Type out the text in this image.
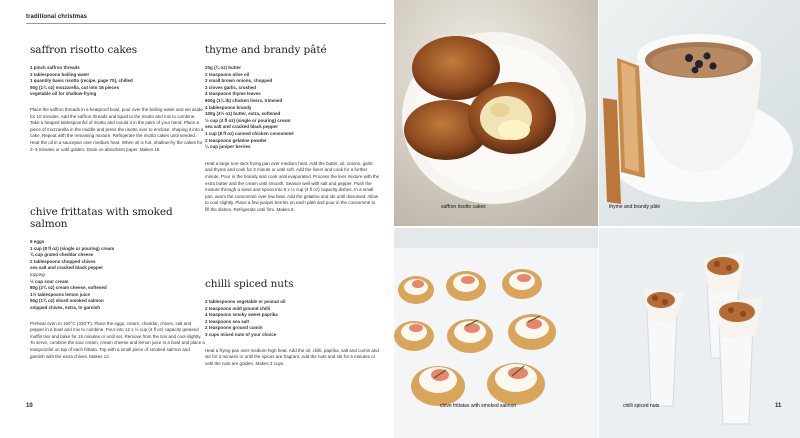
traditional christmas
saffron risotto cakes
1 pinch saffron threads
2 tablespoons boiling water
1 quantity basic risotto (recipe, page 70), chilled
50g (1¾ oz) mozzarella, cut into 16 pieces
vegetable oil for shallow-frying

Place the saffron threads in a heatproof bowl, pour over the boiling water and set aside for 10 minutes. Add the saffron threads and liquid to the risotto and mix to combine. Take a heaped tablespoonful of risotto and mould it in the palm of your hand. Place a piece of mozzarella in the middle and press the risotto over to enclose, shaping it into a cake. Repeat with the remaining mixture. Refrigerate the risotto cakes until needed. Heat the oil in a saucepan over medium heat. When oil is hot, shallow-fry the cakes for 2–3 minutes or until golden. Drain on absorbent paper. Makes 16.

chive frittatas with smoked salmon
6 eggs
1 cup (8 fl oz) (single or pouring) cream
¾ cup grated cheddar cheese
2 tablespoons chopped chives
sea salt and cracked black pepper
topping
½ cup sour cream
80g (2¾ oz) cream cheese, softened
1½ tablespoons lemon juice
50g (1¾ oz) sliced smoked salmon
snipped chives, extra, to garnish

Preheat oven to 160°C (320°F). Place the eggs, cream, cheddar, chives, salt and pepper in a bowl and mix to combine. Pour into 12 x ½ cup (4 fl oz) capacity greased muffin tins and bake for 15 minutes or until set. Remove from the tins and cool slightly. To serve, combine the sour cream, cream cheese and lemon juice in a bowl and place a teaspoonful on top of each frittata. Top with a small piece of smoked salmon and garnish with the extra chives. Makes 12.

thyme and brandy pâté
20g (¾ oz) butter
2 teaspoons olive oil
2 small brown onions, chopped
2 cloves garlic, crushed
4 teaspoons thyme leaves
600g (1¼ lb) chicken livers, trimmed
4 tablespoons brandy
100g (3½ oz) butter, extra, softened
½ cup (4 fl oz) (single or pouring) cream
sea salt and cracked black pepper
1 cup (8 fl oz) canned chicken consommé
2 teaspoons gelatine powder
¼ cup juniper berries

Heat a large non-stick frying pan over medium heat. Add the butter, oil, onions, garlic and thyme and cook for 3 minute or until soft. Add the livers and cook for a further minute. Pour in the brandy and cook until evaporated. Process the liver mixture with the extra butter and the cream until smooth. Season well with salt and pepper. Push the mixture through a sieve and spoon into 8 x ¼ cup (4 fl oz) capacity dishes. In a small pan, warm the consommé over low heat. Add the gelatine and stir until dissolved. Allow to cool slightly. Place a few juniper berries on each pâté and pour in the consommé to fill the dishes. Refrigerate until firm. Makes 8.

chilli spiced nuts
2 tablespoons vegetable or peanut oil
2 teaspoons mild ground chilli
4 teaspoons smoky sweet paprika
2 teaspoons sea salt
2 teaspoons ground cumin
3 cups mixed nuts of your choice

Heat a frying pan over medium-high heat. Add the oil, chilli, paprika, salt and cumin and stir for 2 minutes or until the spices are fragrant. Add the nuts and stir for 5 minutes or until the nuts are golden. Makes 3 cups.

10
saffron risotto cakes	thyme and brandy pâté
chive frittatas with smoked salmon	chilli spiced nuts	11
